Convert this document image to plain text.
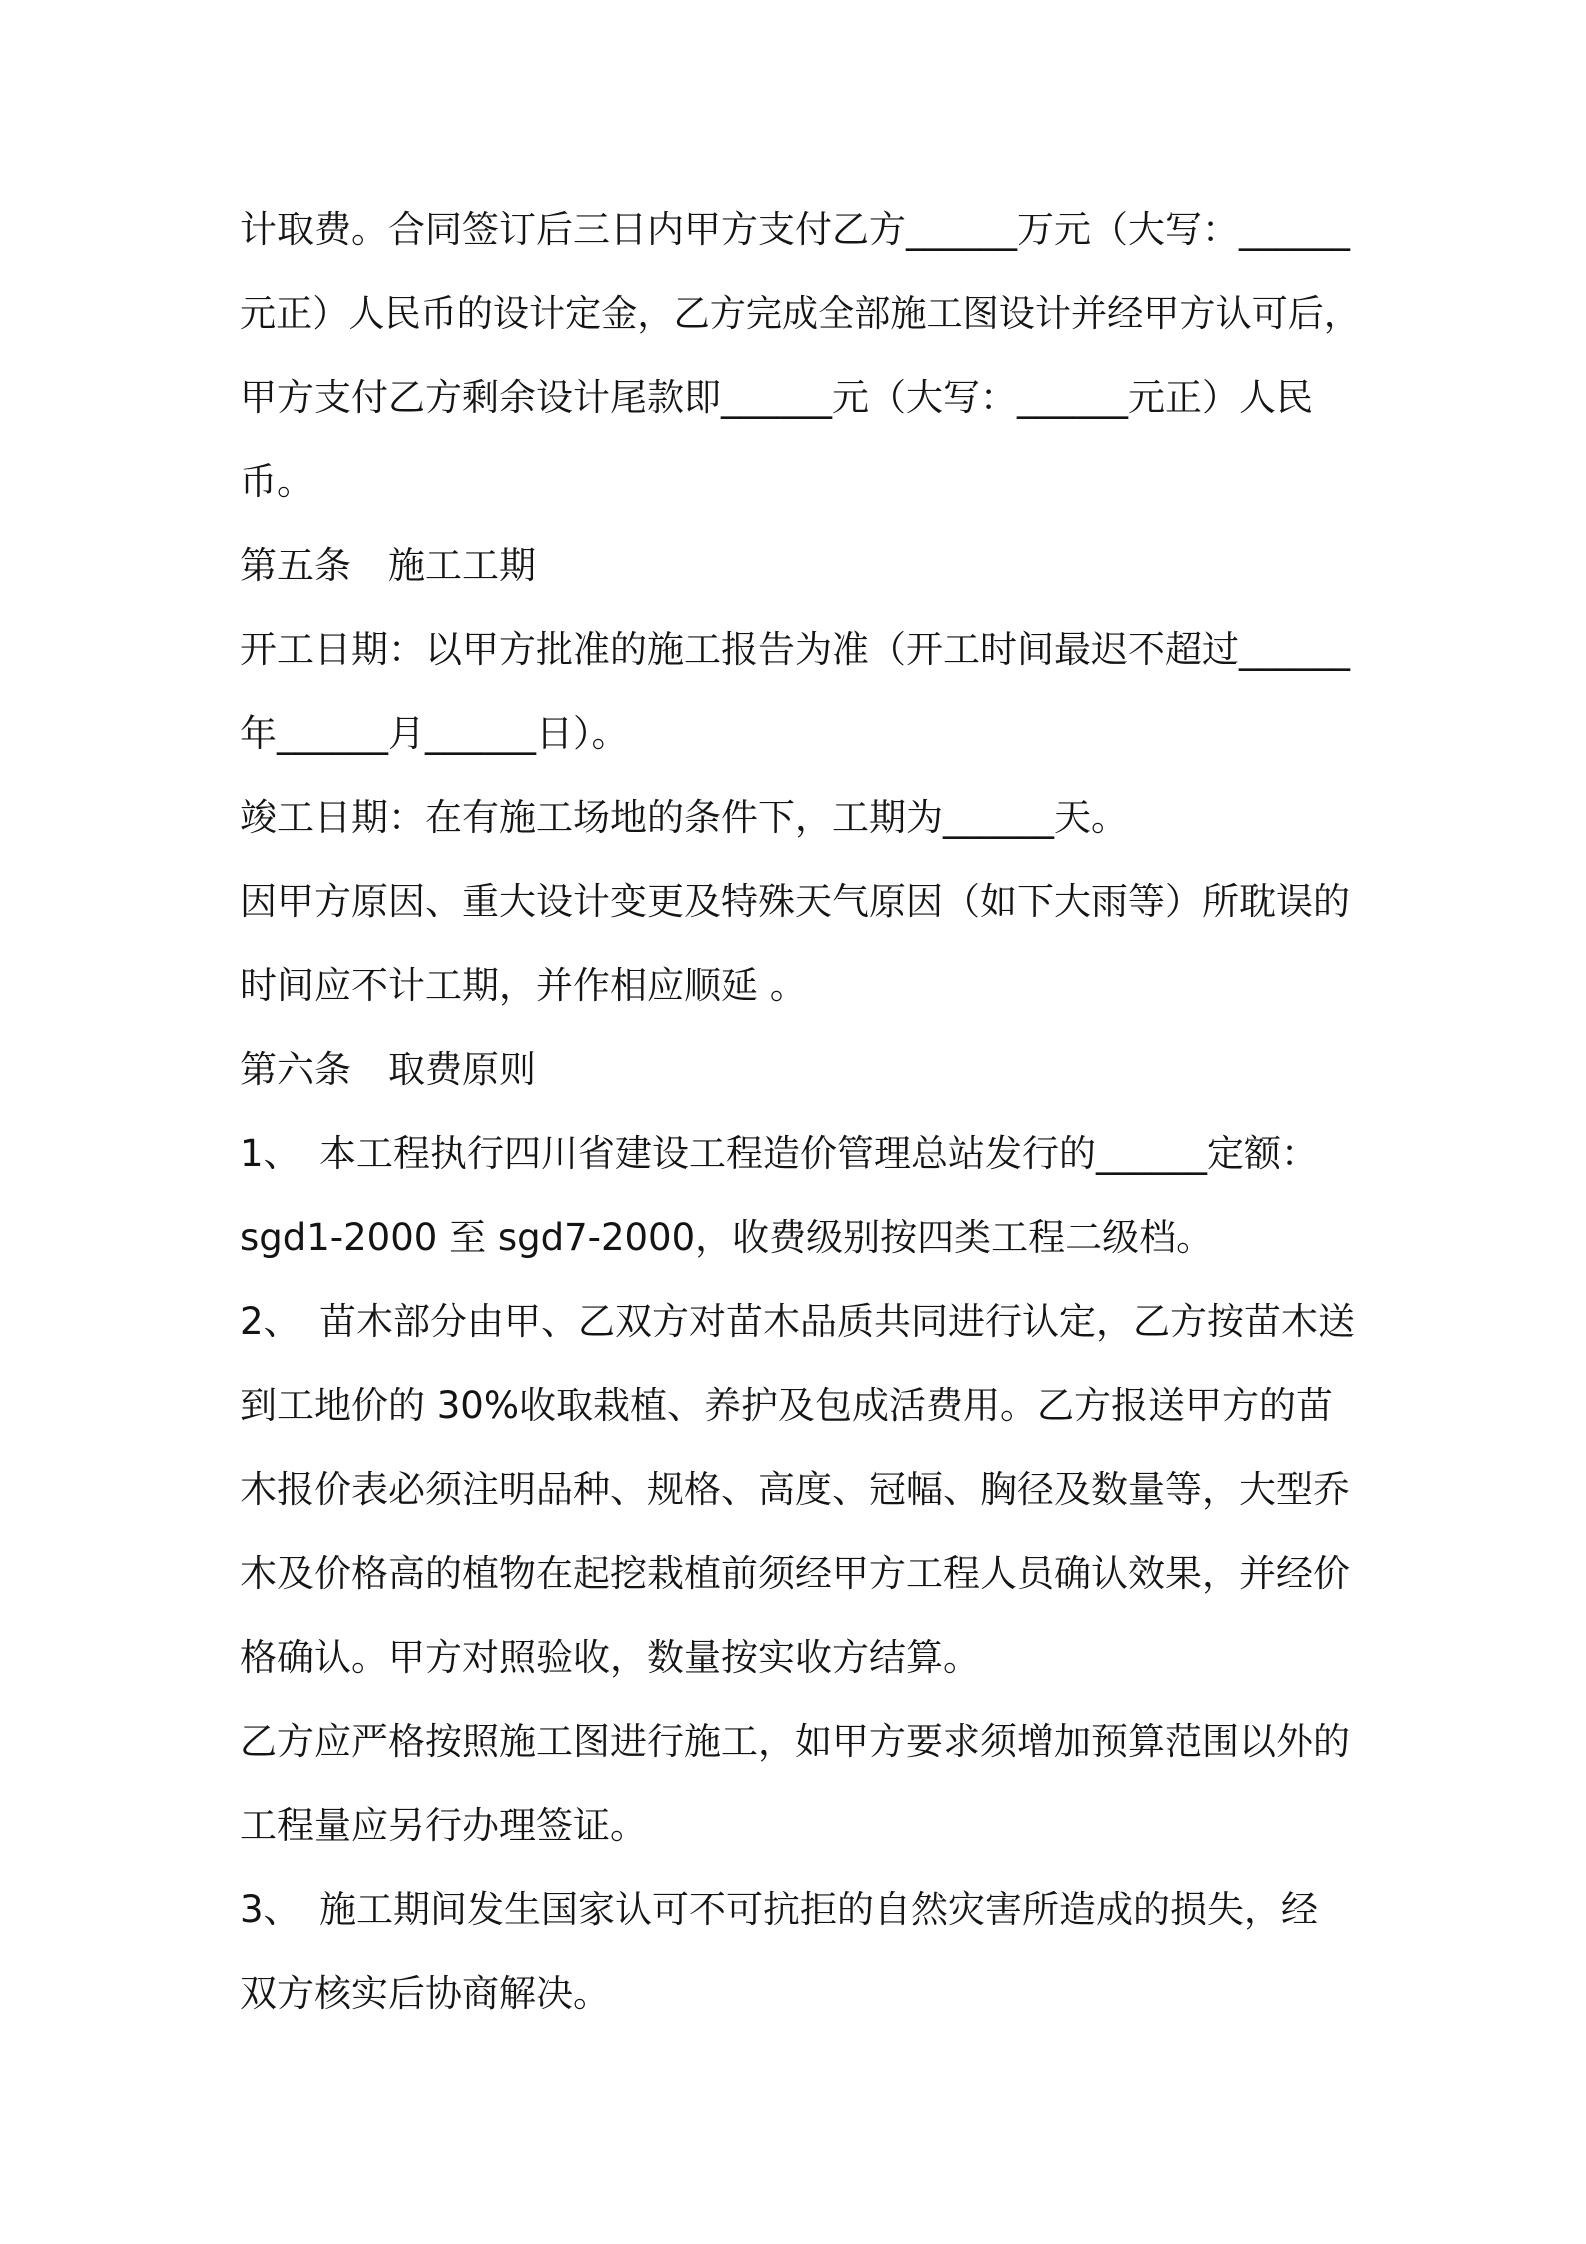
计取费。合同签订后三日内甲方支付乙方______万元（大写：______
元正）人民币的设计定金，乙方完成全部施工图设计并经甲方认可后，
甲方支付乙方剩余设计尾款即______元（大写：______元正）人民
币。
第五条　施工工期
开工日期：以甲方批准的施工报告为准（开工时间最迟不超过______
年______月______日）。
竣工日期：在有施工场地的条件下，工期为______天。
因甲方原因、重大设计变更及特殊天气原因（如下大雨等）所耽误的
时间应不计工期，并作相应顺延 。
第六条　取费原则
1、　本工程执行四川省建设工程造价管理总站发行的______定额：
sgd1-2000 至 sgd7-2000，收费级别按四类工程二级档。
2、　苗木部分由甲、乙双方对苗木品质共同进行认定，乙方按苗木送
到工地价的 30%收取栽植、养护及包成活费用。乙方报送甲方的苗
木报价表必须注明品种、规格、高度、冠幅、胸径及数量等，大型乔
木及价格高的植物在起挖栽植前须经甲方工程人员确认效果，并经价
格确认。甲方对照验收，数量按实收方结算。
乙方应严格按照施工图进行施工，如甲方要求须增加预算范围以外的
工程量应另行办理签证。
3、　施工期间发生国家认可不可抗拒的自然灾害所造成的损失，经
双方核实后协商解决。
